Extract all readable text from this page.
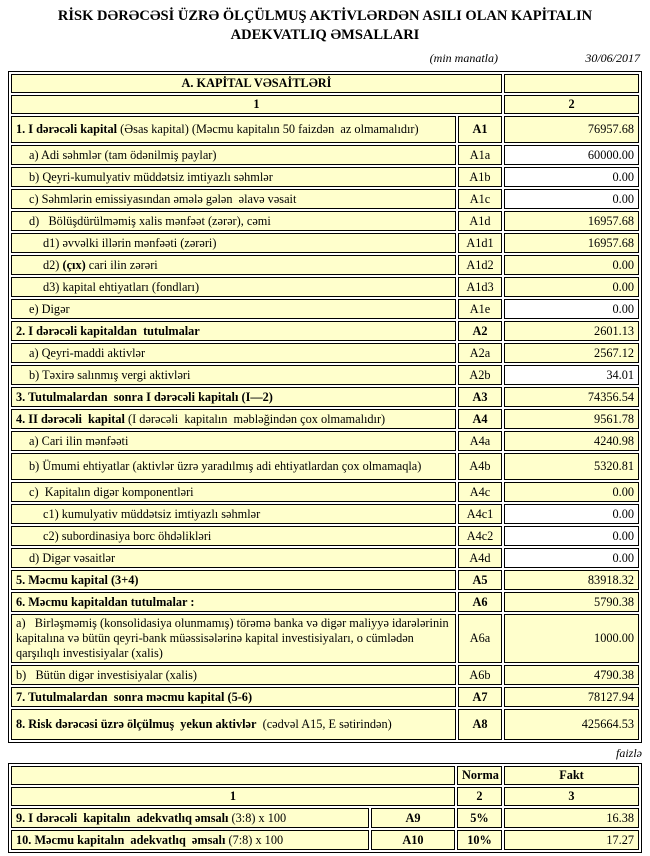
RİSK DƏRƏCƏSİ ÜZRƏ ÖLÇÜLMUŞ AKTİVLƏRDƏN ASILI OLAN KAPİTALIN
ADEKVATLIQ ƏMSALLARI
(min manatla)	30/06/2017
A. KAPİTAL VƏSAİTLƏRİ		
1		2
1. I dərəcəli kapital (Əsas kapital) (Məcmu kapitalın 50 faizdən  az olmamalıdır)	A1	76957.68
a) Adi səhmlər (tam ödənilmiş paylar)	A1a	60000.00
b) Qeyri-kumulyativ müddətsiz imtiyazlı səhmlər	A1b	0.00
c) Səhmlərin emissiyasından əmələ gələn  əlavə vəsait	A1c	0.00
d)   Bölüşdürülməmiş xalis mənfəət (zərər), cəmi	A1d	16957.68
d1) əvvəlki illərin mənfəəti (zərəri)	A1d1	16957.68
d2) (çıx) cari ilin zərəri	A1d2	0.00
d3) kapital ehtiyatları (fondları)	A1d3	0.00
e) Digər	A1e	0.00
2. I dərəcəli kapitaldan  tutulmalar	A2	2601.13
a) Qeyri-maddi aktivlər	A2a	2567.12
b) Təxirə salınmış vergi aktivləri	A2b	34.01
3. Tutulmalardan  sonra I dərəcəli kapitalı (I—2)	A3	74356.54
4. II dərəcəli  kapital (I dərəcəli  kapitalın  məbləğindən çox olmamalıdır)	A4	9561.78
a) Cari ilin mənfəəti	A4a	4240.98
b) Ümumi ehtiyatlar (aktivlər üzrə yaradılmış adi ehtiyatlardan çox olmamaqla)	A4b	5320.81
c)  Kapitalın digər komponentləri	A4c	0.00
c1) kumulyativ müddətsiz imtiyazlı səhmlər	A4c1	0.00
c2) subordinasiya borc öhdəlikləri	A4c2	0.00
d) Digər vəsaitlər	A4d	0.00
5. Məcmu kapital (3+4)	A5	83918.32
6. Məcmu kapitaldan tutulmalar :	A6	5790.38
a)   Birləşməmiş (konsolidasiya olunmamış) törəmə banka və digər maliyyə idarələrinin kapitalına və bütün qeyri-bank müəssisələrinə kapital investisiyaları, o cümlədən qarşılıqlı investisiyalar (xalis)	A6a	1000.00
b)   Bütün digər investisiyalar (xalis)	A6b	4790.38
7. Tutulmalardan  sonra məcmu kapital (5-6)	A7	78127.94
8. Risk dərəcəsi üzrə ölçülmuş  yekun aktivlər  (cədvəl A15, E sətirindən)	A8	425664.53
faizlə
		Norma	Fakt
1		2	3
9. I dərəcəli  kapitalın  adekvatlıq əmsalı (3:8) x 100	A9	5%	16.38
10. Məcmu kapitalın  adekvatlıq  əmsalı (7:8) x 100	A10	10%	17.27
